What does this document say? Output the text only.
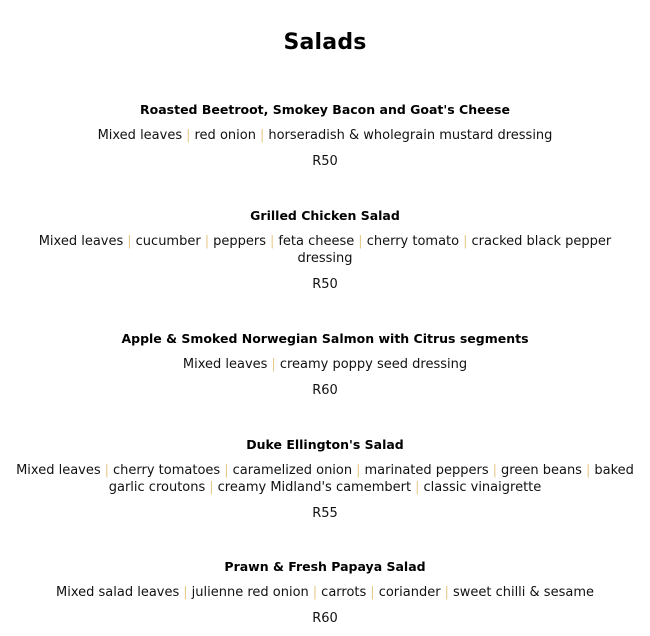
Salads
Roasted Beetroot, Smokey Bacon and Goat's Cheese
Mixed leaves | red onion | horseradish & wholegrain mustard dressing
R50
Grilled Chicken Salad
Mixed leaves | cucumber | peppers | feta cheese | cherry tomato | cracked black pepper dressing
R50
Apple & Smoked Norwegian Salmon with Citrus segments
Mixed leaves | creamy poppy seed dressing
R60
Duke Ellington's Salad
Mixed leaves | cherry tomatoes | caramelized onion | marinated peppers | green beans | baked garlic croutons | creamy Midland's camembert | classic vinaigrette
R55
Prawn & Fresh Papaya Salad
Mixed salad leaves | julienne red onion | carrots | coriander | sweet chilli & sesame
R60
